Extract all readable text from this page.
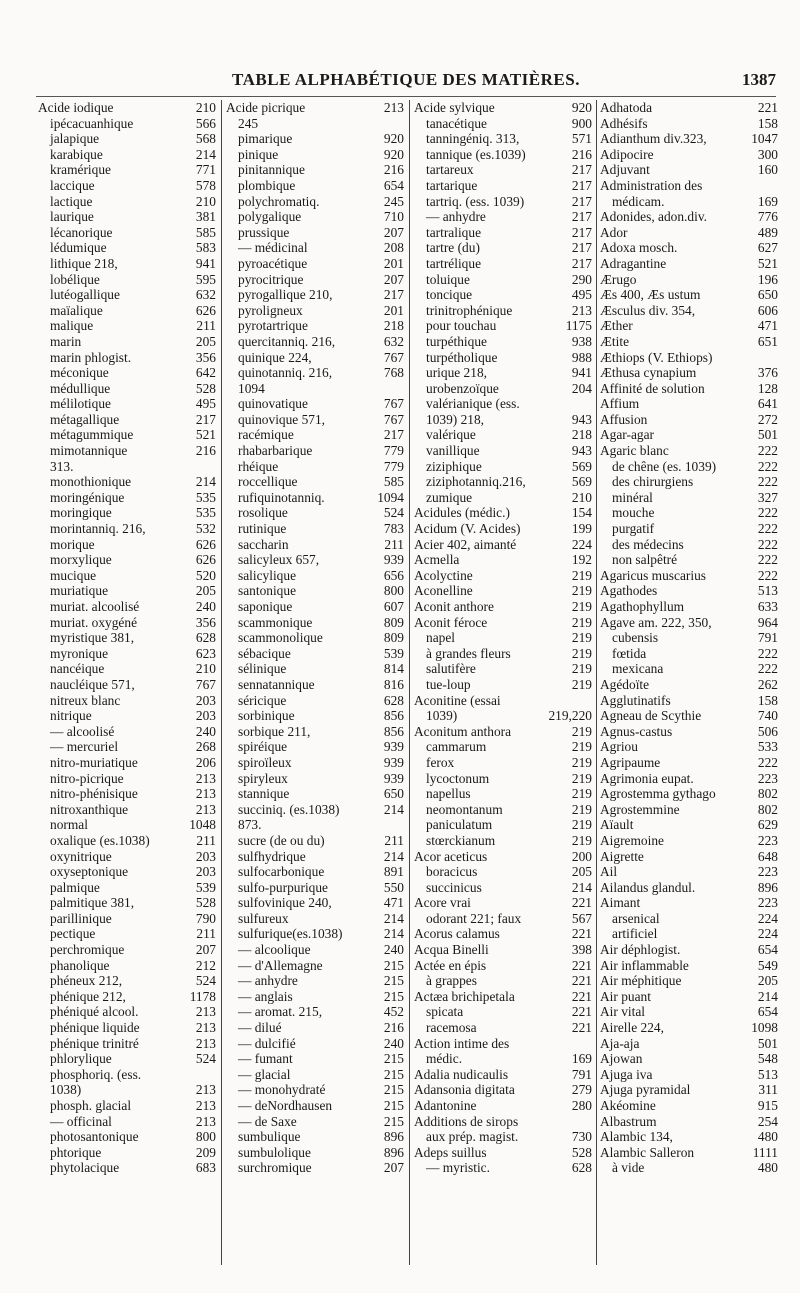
TABLE ALPHABÉTIQUE DES MATIÈRES.	1387
Acide iodique	210
ipécacuanhique	566
jalapique	568
karabique	214
kramérique	771
laccique	578
lactique	210
laurique	381
lécanorique	585
lédumique	583
lithique 218,	941
lobélique	595
lutéogallique	632
maïalique	626
malique	211
marin	205
marin phlogist.	356
méconique	642
médullique	528
mélilotique	495
métagallique	217
métagummique	521
mimotannique	216
313.
monothionique	214
moringénique	535
moringique	535
morintanniq. 216,	532
morique	626
morxylique	626
mucique	520
muriatique	205
muriat. alcoolisé	240
muriat. oxygéné	356
myristique 381,	628
myronique	623
nancéique	210
naucléique 571,	767
nitreux blanc	203
nitrique	203
— alcoolisé	240
— mercuriel	268
nitro-muriatique	206
nitro-picrique	213
nitro-phénisique	213
nitroxanthique	213
normal	1048
oxalique (es.1038)	211
oxynitrique	203
oxyseptonique	203
palmique	539
palmitique 381,	528
parillinique	790
pectique	211
perchromique	207
phanolique	212
phéneux 212,	524
phénique 212,	1178
phéniqué alcool.	213
phénique liquide	213
phénique trinitré	213
phlorylique	524
phosphoriq. (ess.
1038)	213
phosph. glacial	213
— officinal	213
photosantonique	800
phtorique	209
phytolacique	683
Acide picrique	213
245
pimarique	920
pinique	920
pinitannique	216
plombique	654
polychromatiq.	245
polygalique	710
prussique	207
— médicinal	208
pyroacétique	201
pyrocitrique	207
pyrogallique 210,	217
pyroligneux	201
pyrotartrique	218
quercitanniq. 216,	632
quinique 224,	767
quinotanniq. 216,	768
1094
quinovatique	767
quinovique 571,	767
racémique	217
rhabarbarique	779
rhéique	779
roccellique	585
rufiquinotanniq.	1094
rosolique	524
rutinique	783
saccharin	211
salicyleux 657,	939
salicylique	656
santonique	800
saponique	607
scammonique	809
scammonolique	809
sébacique	539
sélinique	814
sennatannique	816
séricique	628
sorbinique	856
sorbique 211,	856
spiréique	939
spiroïleux	939
spiryleux	939
stannique	650
succiniq. (es.1038)	214
873.
sucre (de ou du)	211
sulfhydrique	214
sulfocarbonique	891
sulfo-purpurique	550
sulfovinique 240,	471
sulfureux	214
sulfurique(es.1038)	214
— alcoolique	240
— d'Allemagne	215
— anhydre	215
— anglais	215
— aromat. 215,	452
— dilué	216
— dulcifié	240
— fumant	215
— glacial	215
— monohydraté	215
— deNordhausen	215
— de Saxe	215
sumbulique	896
sumbulolique	896
surchromique	207
Acide sylvique	920
tanacétique	900
tanningéniq. 313,	571
tannique (es.1039)	216
tartareux	217
tartarique	217
tartriq. (ess. 1039)	217
— anhydre	217
tartralique	217
tartre (du)	217
tartrélique	217
toluique	290
toncique	495
trinitrophénique	213
pour touchau	1175
turpéthique	938
turpétholique	988
urique 218,	941
urobenzoïque	204
valérianique (ess.
1039) 218,	943
valérique	218
vanillique	943
ziziphique	569
ziziphotanniq.216,	569
zumique	210
Acidules (médic.)	154
Acidum (V. Acides)	199
Acier 402, aimanté	224
Acmella	192
Acolyctine	219
Aconelline	219
Aconit anthore	219
Aconit féroce	219
napel	219
à grandes fleurs	219
salutifère	219
tue-loup	219
Aconitine (essai
1039)	219,220
Aconitum anthora	219
cammarum	219
ferox	219
lycoctonum	219
napellus	219
neomontanum	219
paniculatum	219
stœrckianum	219
Acor aceticus	200
boracicus	205
succinicus	214
Acore vrai	221
odorant 221; faux	567
Acorus calamus	221
Acqua Binelli	398
Actée en épis	221
à grappes	221
Actæa brichipetala	221
spicata	221
racemosa	221
Action intime des
médic.	169
Adalia nudicaulis	791
Adansonia digitata	279
Adantonine	280
Additions de sirops
aux prép. magist.	730
Adeps suillus	528
— myristic.	628
Adhatoda	221
Adhésifs	158
Adianthum div.323,	1047
Adipocire	300
Adjuvant	160
Administration des
médicam.	169
Adonides, adon.div.	776
Ador	489
Adoxa mosch.	627
Adragantine	521
Ærugo	196
Æs 400, Æs ustum	650
Æsculus div. 354,	606
Æther	471
Ætite	651
Æthiops (V. Ethiops)
Æthusa cynapium	376
Affinité de solution	128
Affium	641
Affusion	272
Agar-agar	501
Agaric blanc	222
de chêne (es. 1039)	222
des chirurgiens	222
minéral	327
mouche	222
purgatif	222
des médecins	222
non salpêtré	222
Agaricus muscarius	222
Agathodes	513
Agathophyllum	633
Agave am. 222, 350,	964
cubensis	791
fœtida	222
mexicana	222
Agédoïte	262
Agglutinatifs	158
Agneau de Scythie	740
Agnus-castus	506
Agriou	533
Agripaume	222
Agrimonia eupat.	223
Agrostemma gythago	802
Agrostemmine	802
Aïault	629
Aigremoine	223
Aigrette	648
Ail	223
Ailandus glandul.	896
Aimant	223
arsenical	224
artificiel	224
Air déphlogist.	654
Air inflammable	549
Air méphitique	205
Air puant	214
Air vital	654
Airelle 224,	1098
Aja-aja	501
Ajowan	548
Ajuga iva	513
Ajuga pyramidal	311
Akéomine	915
Albastrum	254
Alambic 134,	480
Alambic Salleron	1111
à vide	480
